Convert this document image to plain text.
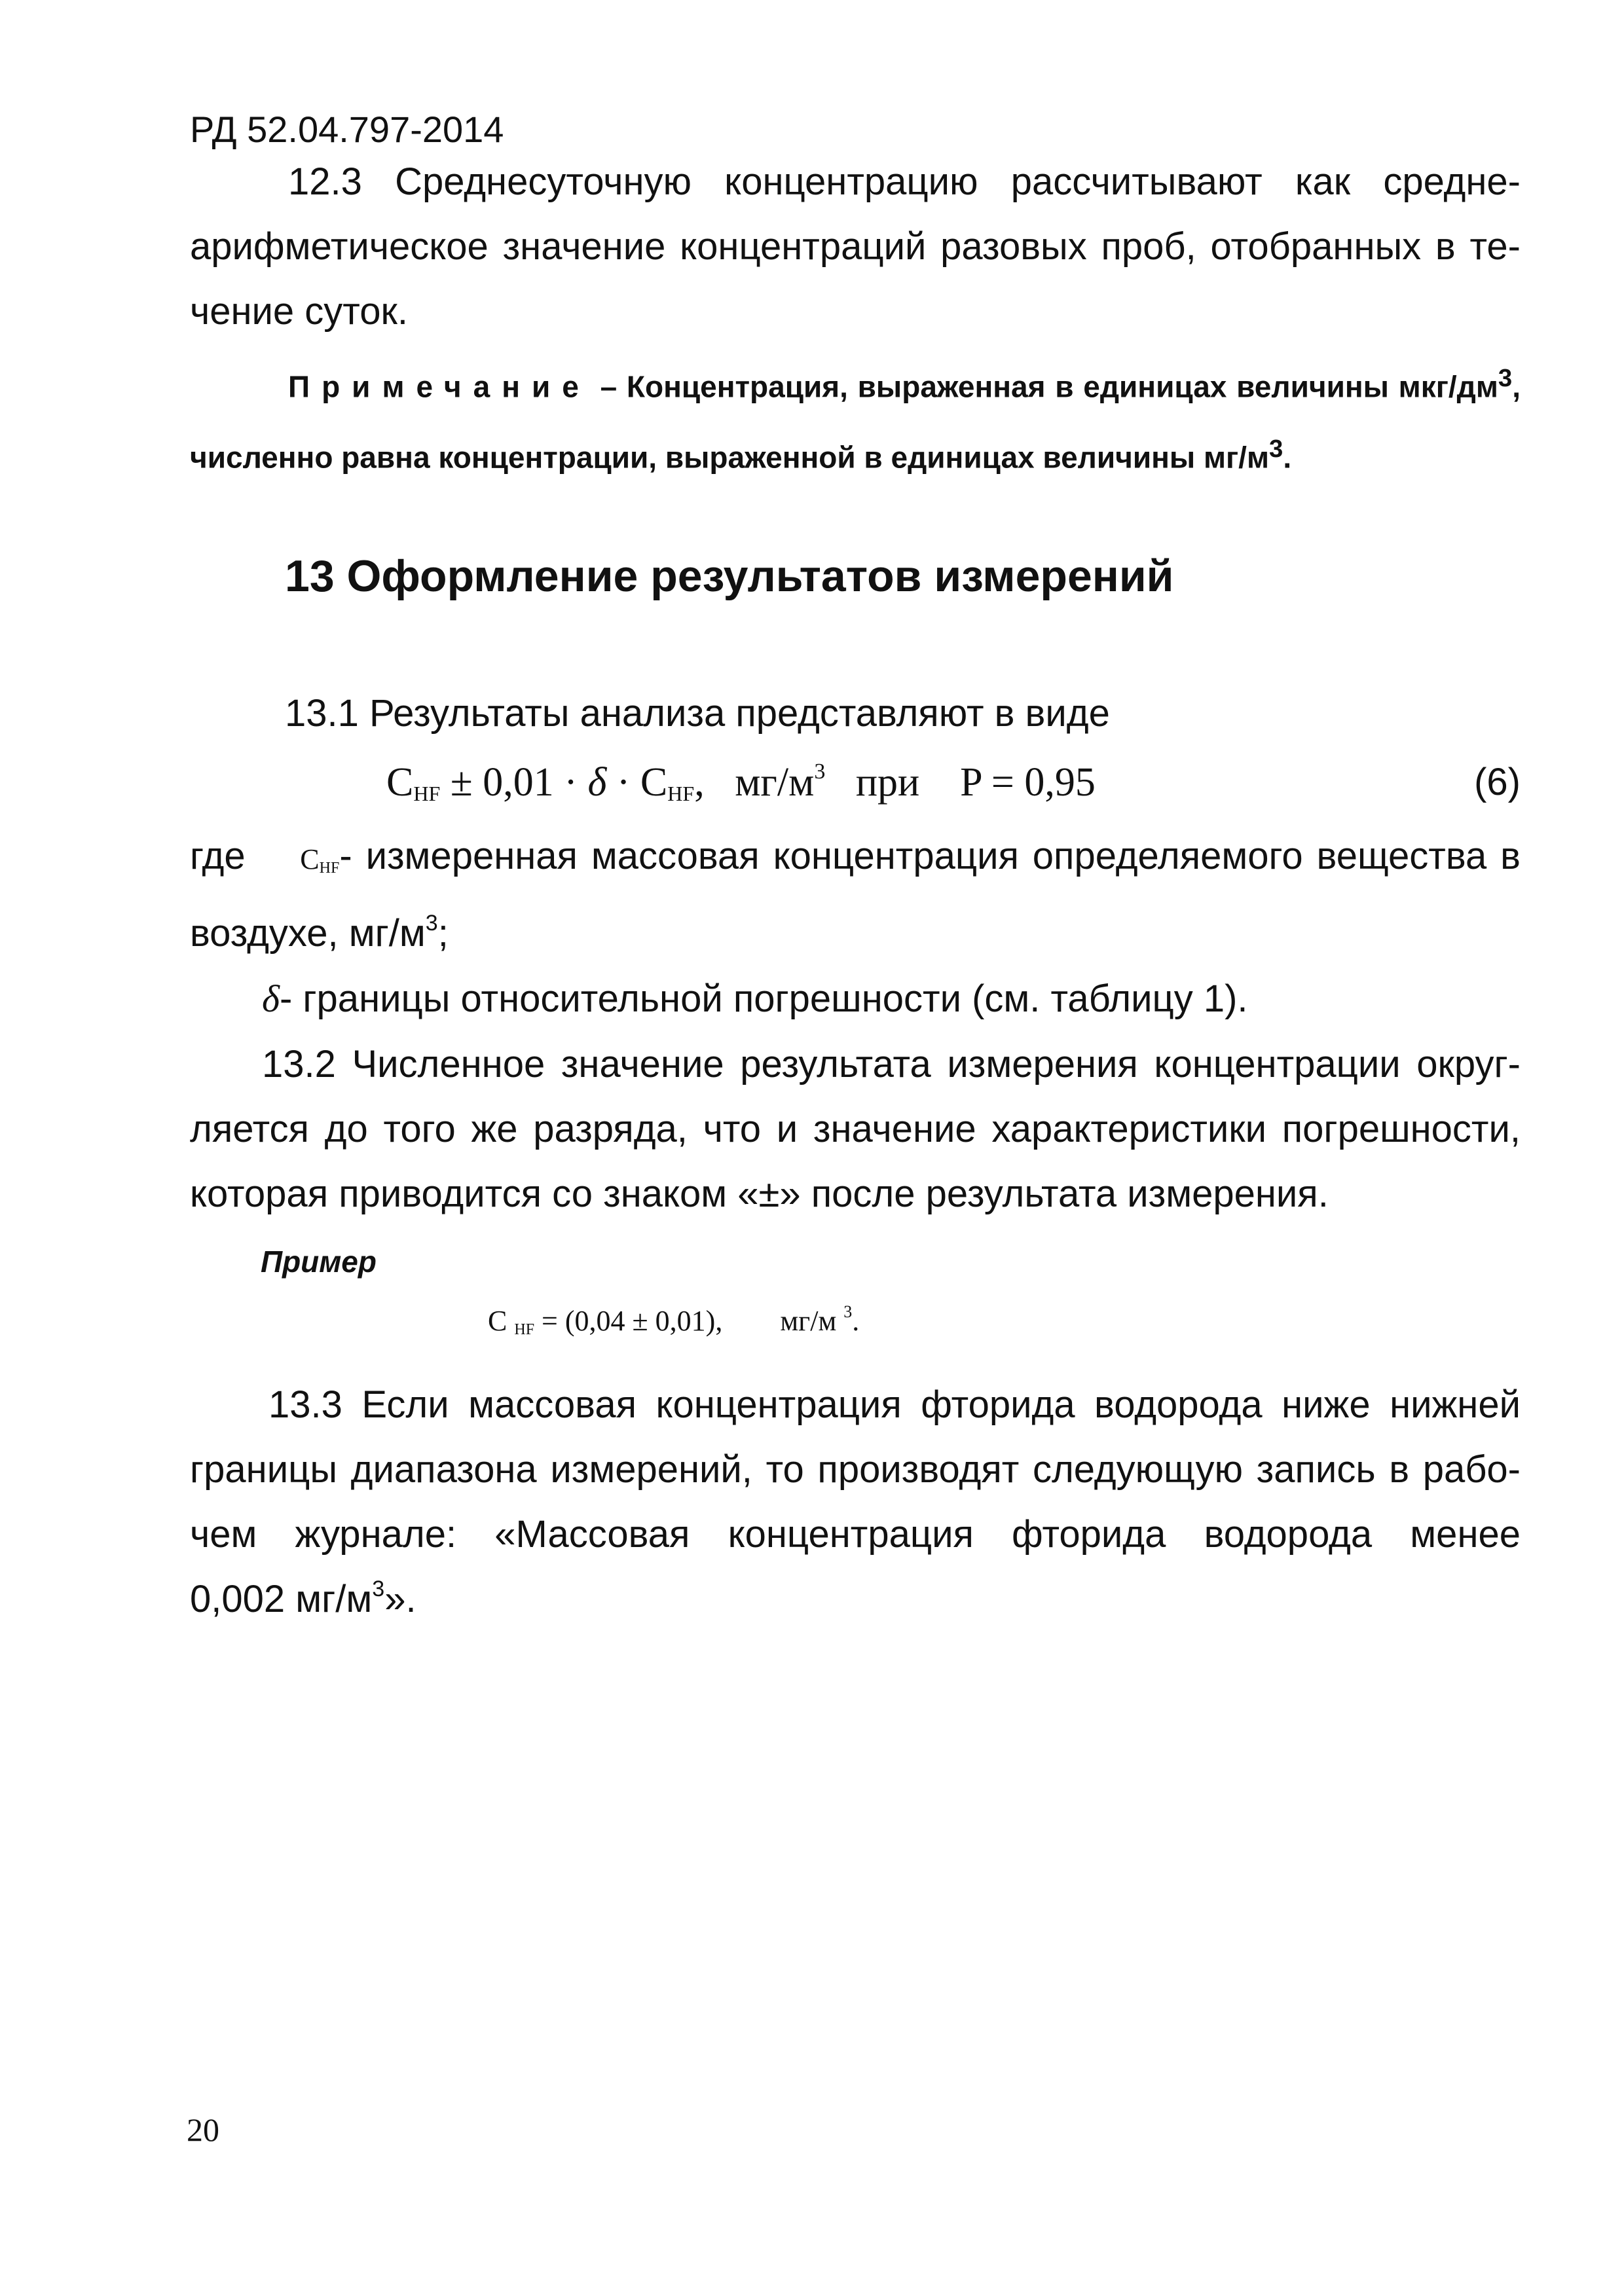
РД 52.04.797-2014
12.3 Среднесуточную концентрацию рассчитывают как средне-
арифметическое значение концентраций разовых проб, отобранных в те-
чение суток.
Примечание – Концентрация, выраженная в единицах величины мкг/$дм^3$,
численно равна концентрации, выраженной в единицах величины $мг/м^3$.
13 Оформление результатов измерений
13.1 Результаты анализа представляют в виде
$C_{HF} \pm 0,01 \cdot \delta \cdot C_{HF}$, $мг/м^3$ при P = 0,95	(6)
где $C_{HF}-$ измеренная массовая концентрация определяемого вещества в
воздухе, $мг/м^3$;
δ- границы относительной погрешности (см. таблицу 1).
13.2 Численное значение результата измерения концентрации округ-
ляется до того же разряда, что и значение характеристики погрешности,
которая приводится со знаком «±» после результата измерения.
Пример
C $_{HF}$ = (0,04 ± 0,01), мг/м $^3$.
13.3 Если массовая концентрация фторида водорода ниже нижней
границы диапазона измерений, то производят следующую запись в рабо-
чем журнале: «Массовая концентрация фторида водорода менее
0,002 $мг/м^3$».
20
